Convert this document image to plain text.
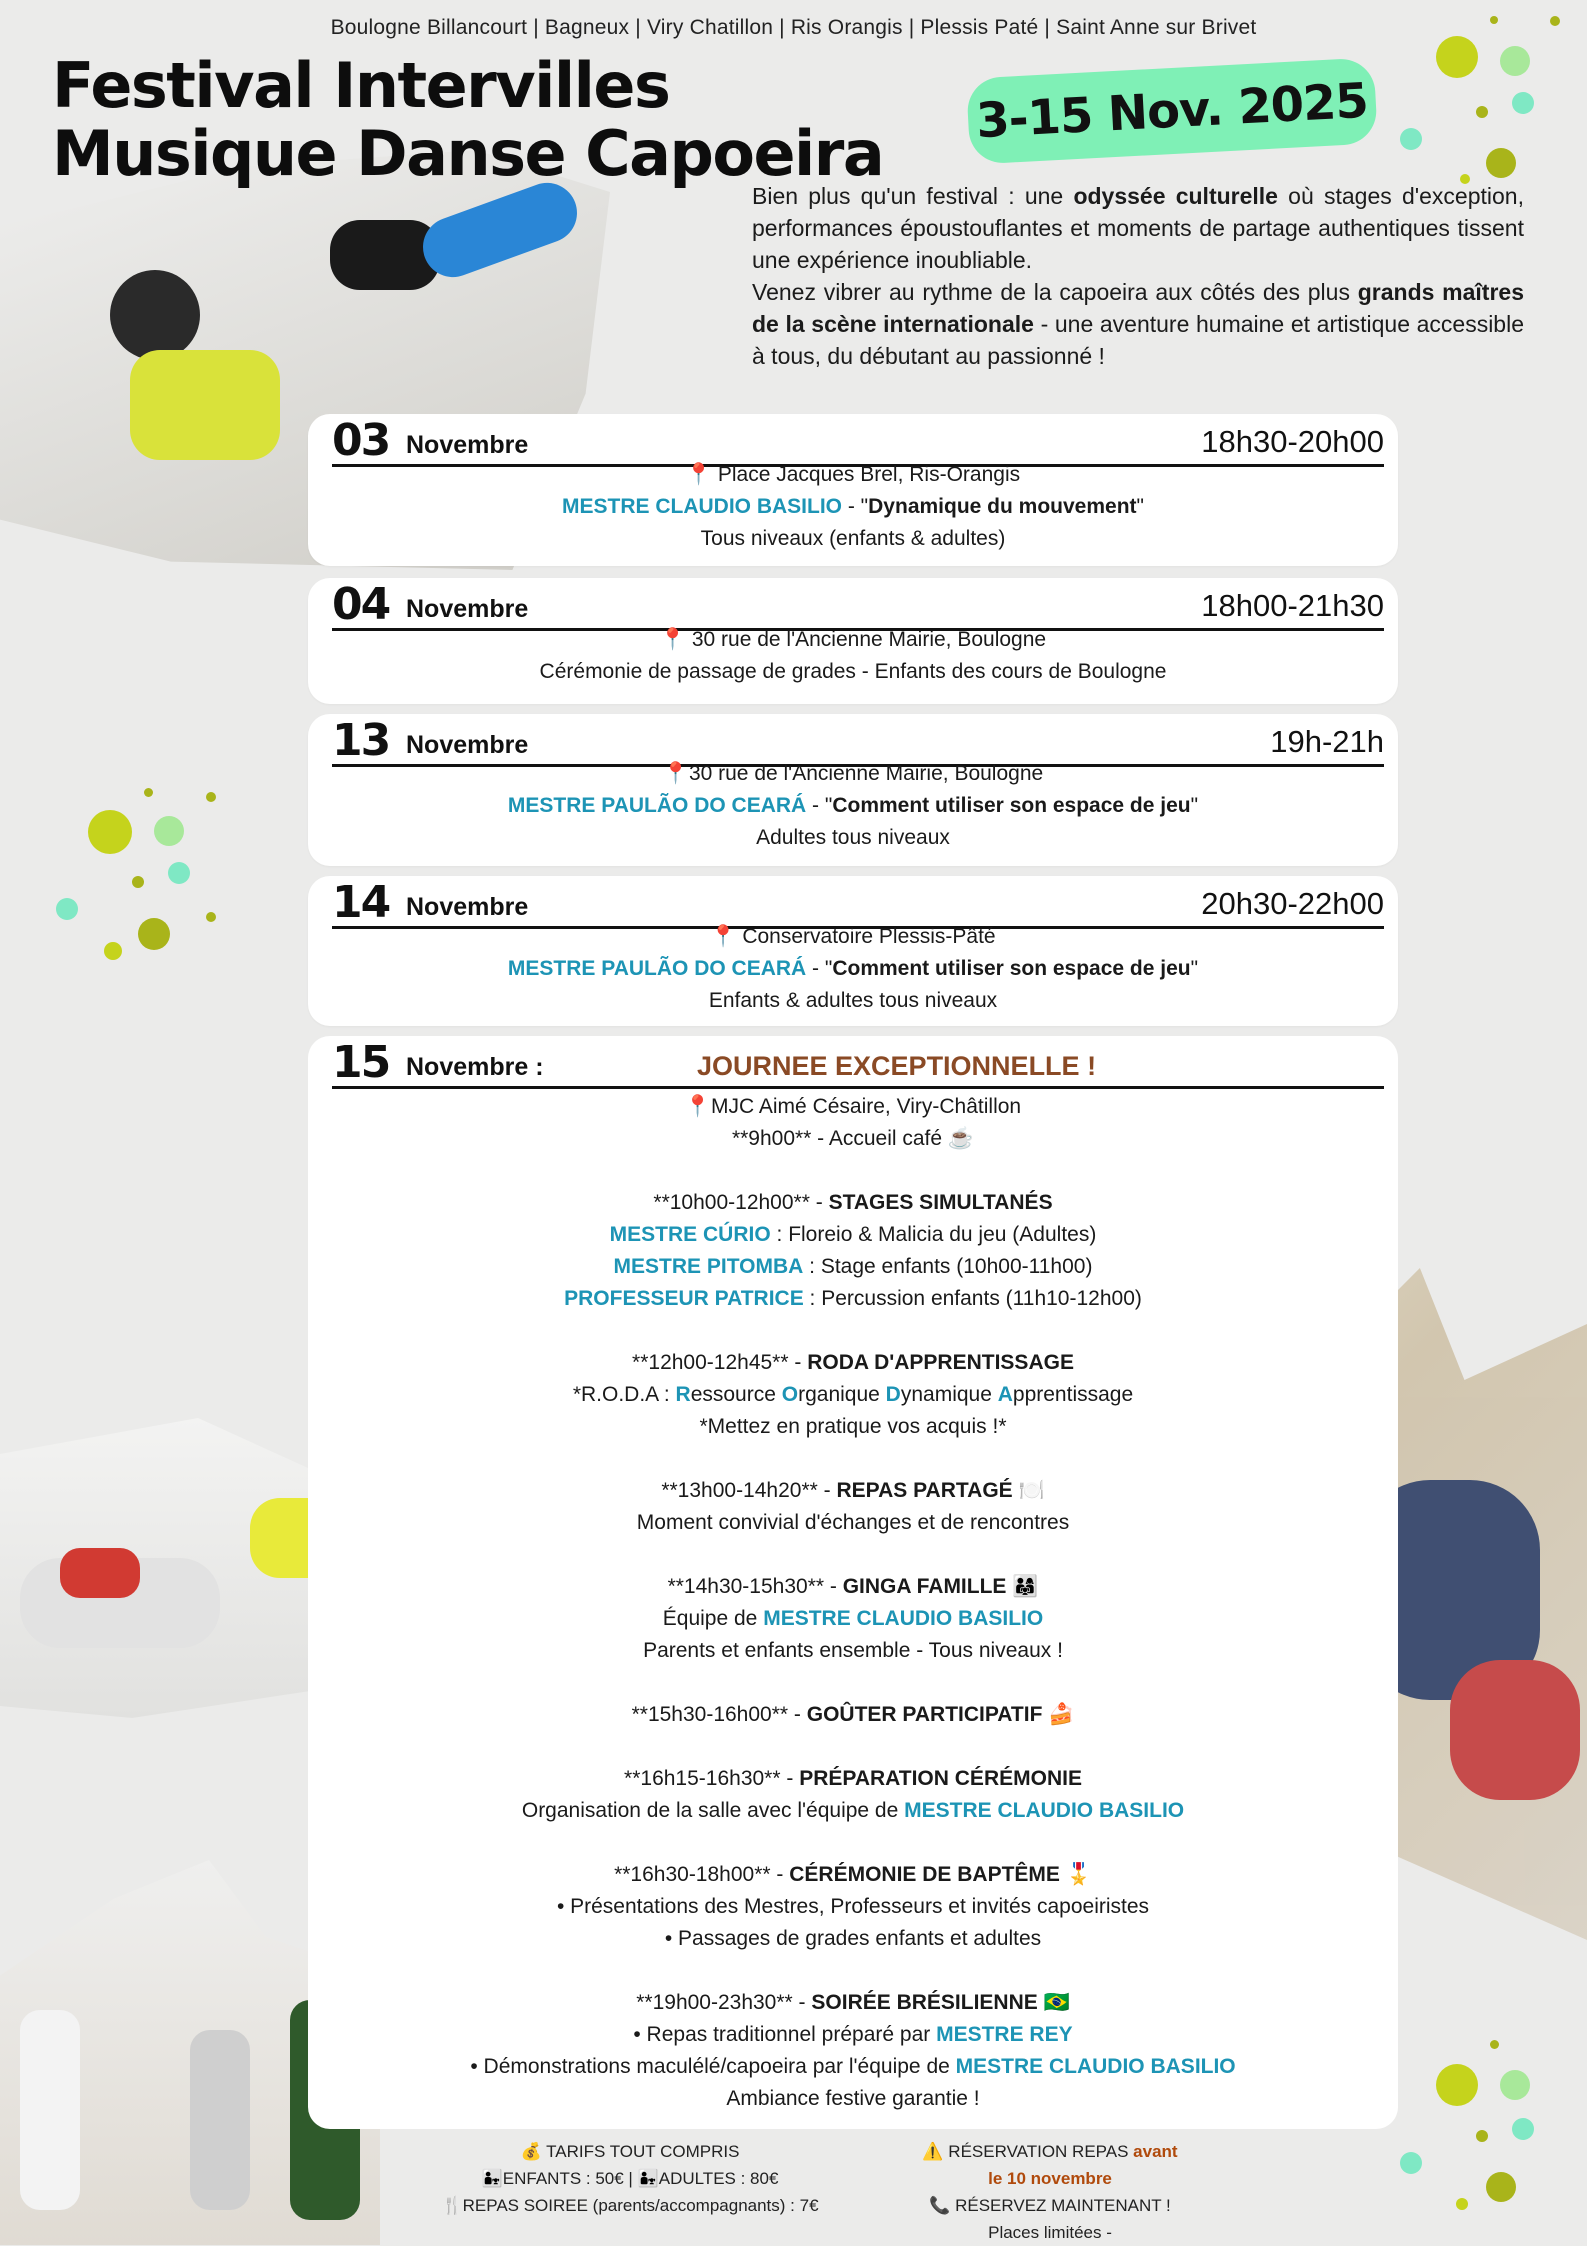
Boulogne Billancourt | Bagneux | Viry Chatillon | Ris Orangis | Plessis Paté | Saint Anne sur Brivet
Festival Intervilles
Musique Danse Capoeira
3-15 Nov. 2025
Bien plus qu'un festival : une odyssée culturelle où stages d'exception, performances époustouflantes et moments de partage authentiques tissent une expérience inoubliable.
Venez vibrer au rythme de la capoeira aux côtés des plus grands maîtres de la scène internationale - une aventure humaine et artistique accessible à tous, du débutant au passionné !
03 Novembre	18h30-20h00
📍 Place Jacques Brel, Ris-Orangis
MESTRE CLAUDIO BASILIO - "Dynamique du mouvement"
Tous niveaux (enfants & adultes)
04 Novembre	18h00-21h30
📍 30 rue de l'Ancienne Mairie, Boulogne
Cérémonie de passage de grades - Enfants des cours de Boulogne
13 Novembre	19h-21h
📍30 rue de l'Ancienne Mairie, Boulogne
MESTRE PAULÃO DO CEARÁ - "Comment utiliser son espace de jeu"
Adultes tous niveaux
14 Novembre	20h30-22h00
📍 Conservatoire Plessis-Pâté
MESTRE PAULÃO DO CEARÁ - "Comment utiliser son espace de jeu"
Enfants & adultes tous niveaux
15 Novembre :	JOURNEE EXCEPTIONNELLE !
📍MJC Aimé Césaire, Viry-Châtillon
**9h00** - Accueil café ☕
**10h00-12h00** - STAGES SIMULTANÉS
MESTRE CÚRIO : Floreio & Malicia du jeu (Adultes)
MESTRE PITOMBA : Stage enfants (10h00-11h00)
PROFESSEUR PATRICE : Percussion enfants (11h10-12h00)
**12h00-12h45** - RODA D'APPRENTISSAGE
*R.O.D.A : Ressource Organique Dynamique Apprentissage
*Mettez en pratique vos acquis !*
**13h00-14h20** - REPAS PARTAGÉ 🍽️
Moment convivial d'échanges et de rencontres
**14h30-15h30** - GINGA FAMILLE 👨‍👩‍👧
Équipe de MESTRE CLAUDIO BASILIO
Parents et enfants ensemble - Tous niveaux !
**15h30-16h00** - GOÛTER PARTICIPATIF 🍰
**16h15-16h30** - PRÉPARATION CÉRÉMONIE
Organisation de la salle avec l'équipe de MESTRE CLAUDIO BASILIO
**16h30-18h00** - CÉRÉMONIE DE BAPTÊME 🎖️
• Présentations des Mestres, Professeurs et invités capoeiristes
• Passages de grades enfants et adultes
**19h00-23h30** - SOIRÉE BRÉSILIENNE 🇧🇷
• Repas traditionnel préparé par MESTRE REY
• Démonstrations maculélé/capoeira par l'équipe de MESTRE CLAUDIO BASILIO
Ambiance festive garantie !
💰 TARIFS TOUT COMPRIS
👨‍👧ENFANTS : 50€ | 👨‍👧ADULTES : 80€
🍴REPAS SOIREE (parents/accompagnants) : 7€
⚠️ RÉSERVATION REPAS avant
le 10 novembre
📞 RÉSERVEZ MAINTENANT !
Places limitées -
